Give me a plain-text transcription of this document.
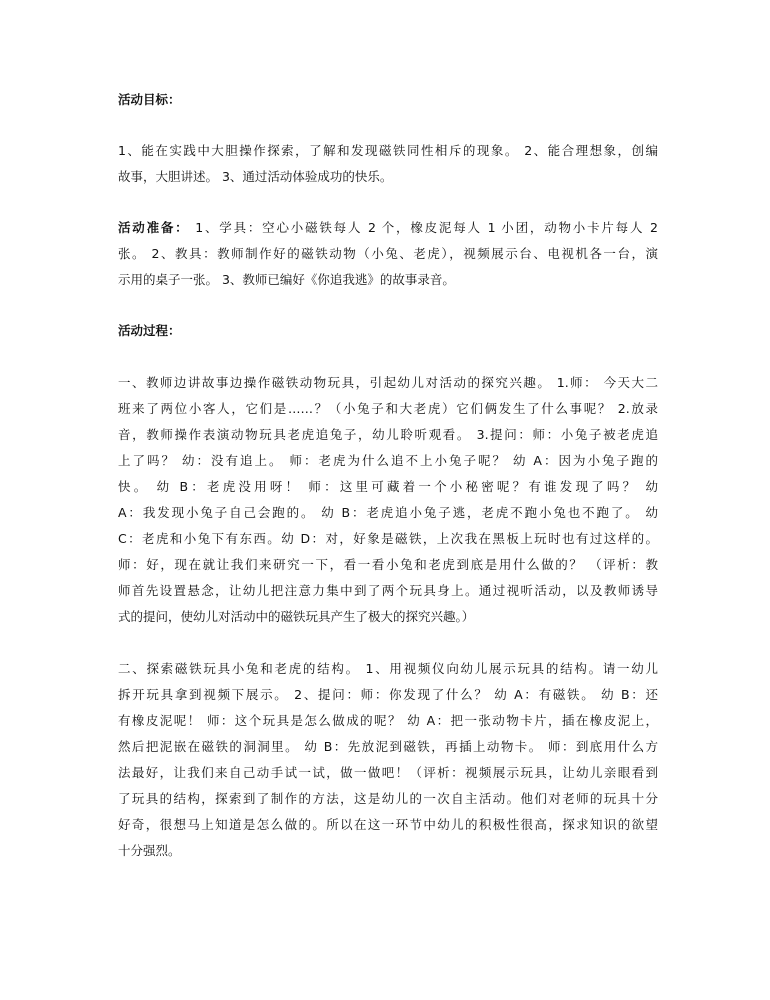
活动目标：
1、能在实践中大胆操作探索，了解和发现磁铁同性相斥的现象。 2、能合理想象，创编
故事，大胆讲述。 3、通过活动体验成功的快乐。
活动准备： 1、学具：空心小磁铁每人 2 个，橡皮泥每人 1 小团，动物小卡片每人 2
张。 2、教具：教师制作好的磁铁动物（小兔、老虎），视频展示台、电视机各一台，演
示用的桌子一张。 3、教师已编好《你追我逃》的故事录音。
活动过程：
一、教师边讲故事边操作磁铁动物玩具，引起幼儿对活动的探究兴趣。 1.师： 今天大二
班来了两位小客人，它们是……？（小兔子和大老虎）它们俩发生了什么事呢？ 2.放录
音，教师操作表演动物玩具老虎追兔子，幼儿聆听观看。 3.提问：师：小兔子被老虎追
上了吗？ 幼：没有追上。 师：老虎为什么追不上小兔子呢？ 幼 A：因为小兔子跑的
快。 幼 B：老虎没用呀！ 师：这里可藏着一个小秘密呢？有谁发现了吗？ 幼
A：我发现小兔子自己会跑的。 幼 B：老虎追小兔子逃，老虎不跑小兔也不跑了。 幼
C：老虎和小兔下有东西。幼 D：对，好象是磁铁，上次我在黑板上玩时也有过这样的。
师：好，现在就让我们来研究一下，看一看小兔和老虎到底是用什么做的？ （评析：教
师首先设置悬念，让幼儿把注意力集中到了两个玩具身上。通过视听活动，以及教师诱导
式的提问，使幼儿对活动中的磁铁玩具产生了极大的探究兴趣。）
二、探索磁铁玩具小兔和老虎的结构。 1、用视频仪向幼儿展示玩具的结构。请一幼儿
拆开玩具拿到视频下展示。 2、提问：师：你发现了什么？ 幼 A：有磁铁。 幼 B：还
有橡皮泥呢！ 师：这个玩具是怎么做成的呢？ 幼 A：把一张动物卡片，插在橡皮泥上，
然后把泥嵌在磁铁的洞洞里。 幼 B：先放泥到磁铁，再插上动物卡。 师：到底用什么方
法最好，让我们来自己动手试一试，做一做吧！（评析：视频展示玩具，让幼儿亲眼看到
了玩具的结构，探索到了制作的方法，这是幼儿的一次自主活动。他们对老师的玩具十分
好奇，很想马上知道是怎么做的。所以在这一环节中幼儿的积极性很高，探求知识的欲望
十分强烈。
